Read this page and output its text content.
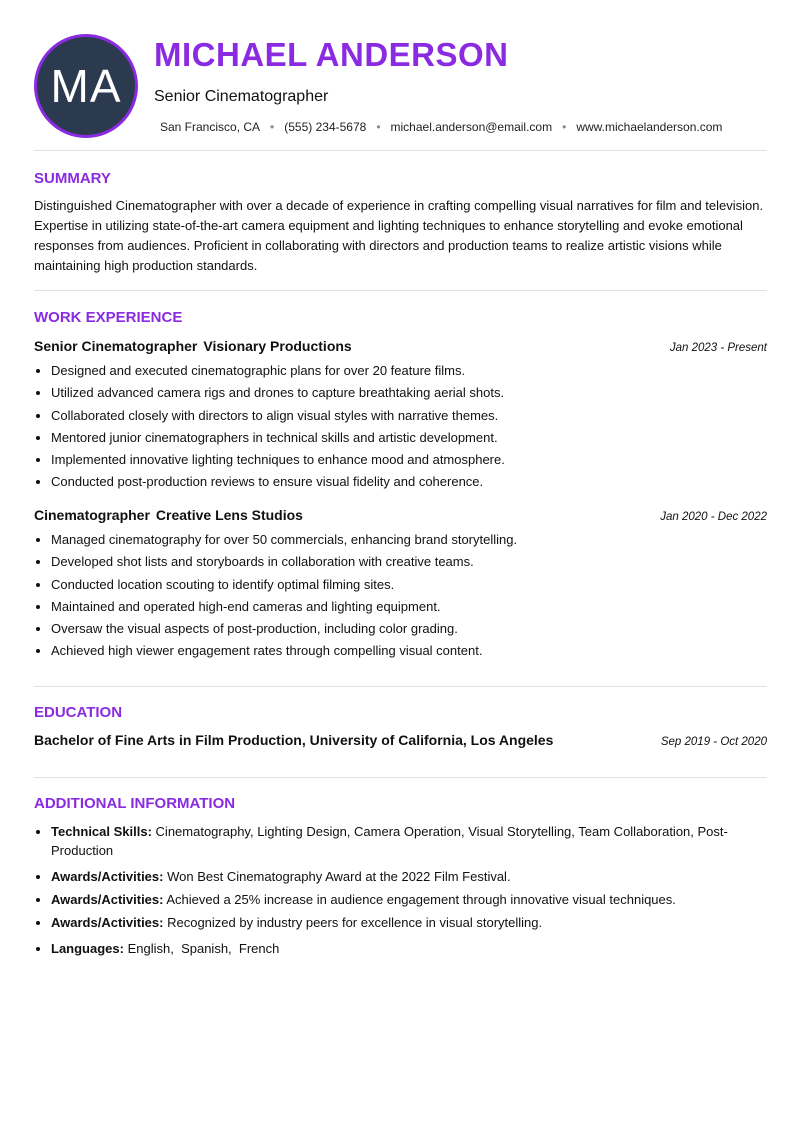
MA
MICHAEL ANDERSON
Senior Cinematographer
San Francisco, CA • (555) 234-5678 • michael.anderson@email.com • www.michaelanderson.com
SUMMARY
Distinguished Cinematographer with over a decade of experience in crafting compelling visual narratives for film and television. Expertise in utilizing state-of-the-art camera equipment and lighting techniques to enhance storytelling and evoke emotional responses from audiences. Proficient in collaborating with directors and production teams to realize artistic visions while maintaining high production standards.
WORK EXPERIENCE
Senior Cinematographer Visionary Productions	Jan 2023 - Present
• Designed and executed cinematographic plans for over 20 feature films.
• Utilized advanced camera rigs and drones to capture breathtaking aerial shots.
• Collaborated closely with directors to align visual styles with narrative themes.
• Mentored junior cinematographers in technical skills and artistic development.
• Implemented innovative lighting techniques to enhance mood and atmosphere.
• Conducted post-production reviews to ensure visual fidelity and coherence.
Cinematographer Creative Lens Studios	Jan 2020 - Dec 2022
• Managed cinematography for over 50 commercials, enhancing brand storytelling.
• Developed shot lists and storyboards in collaboration with creative teams.
• Conducted location scouting to identify optimal filming sites.
• Maintained and operated high-end cameras and lighting equipment.
• Oversaw the visual aspects of post-production, including color grading.
• Achieved high viewer engagement rates through compelling visual content.
EDUCATION
Bachelor of Fine Arts in Film Production, University of California, Los Angeles	Sep 2019 - Oct 2020
ADDITIONAL INFORMATION
• Technical Skills: Cinematography, Lighting Design, Camera Operation, Visual Storytelling, Team Collaboration, Post-Production
• Awards/Activities: Won Best Cinematography Award at the 2022 Film Festival.
• Awards/Activities: Achieved a 25% increase in audience engagement through innovative visual techniques.
• Awards/Activities: Recognized by industry peers for excellence in visual storytelling.
• Languages: English,  Spanish,  French
